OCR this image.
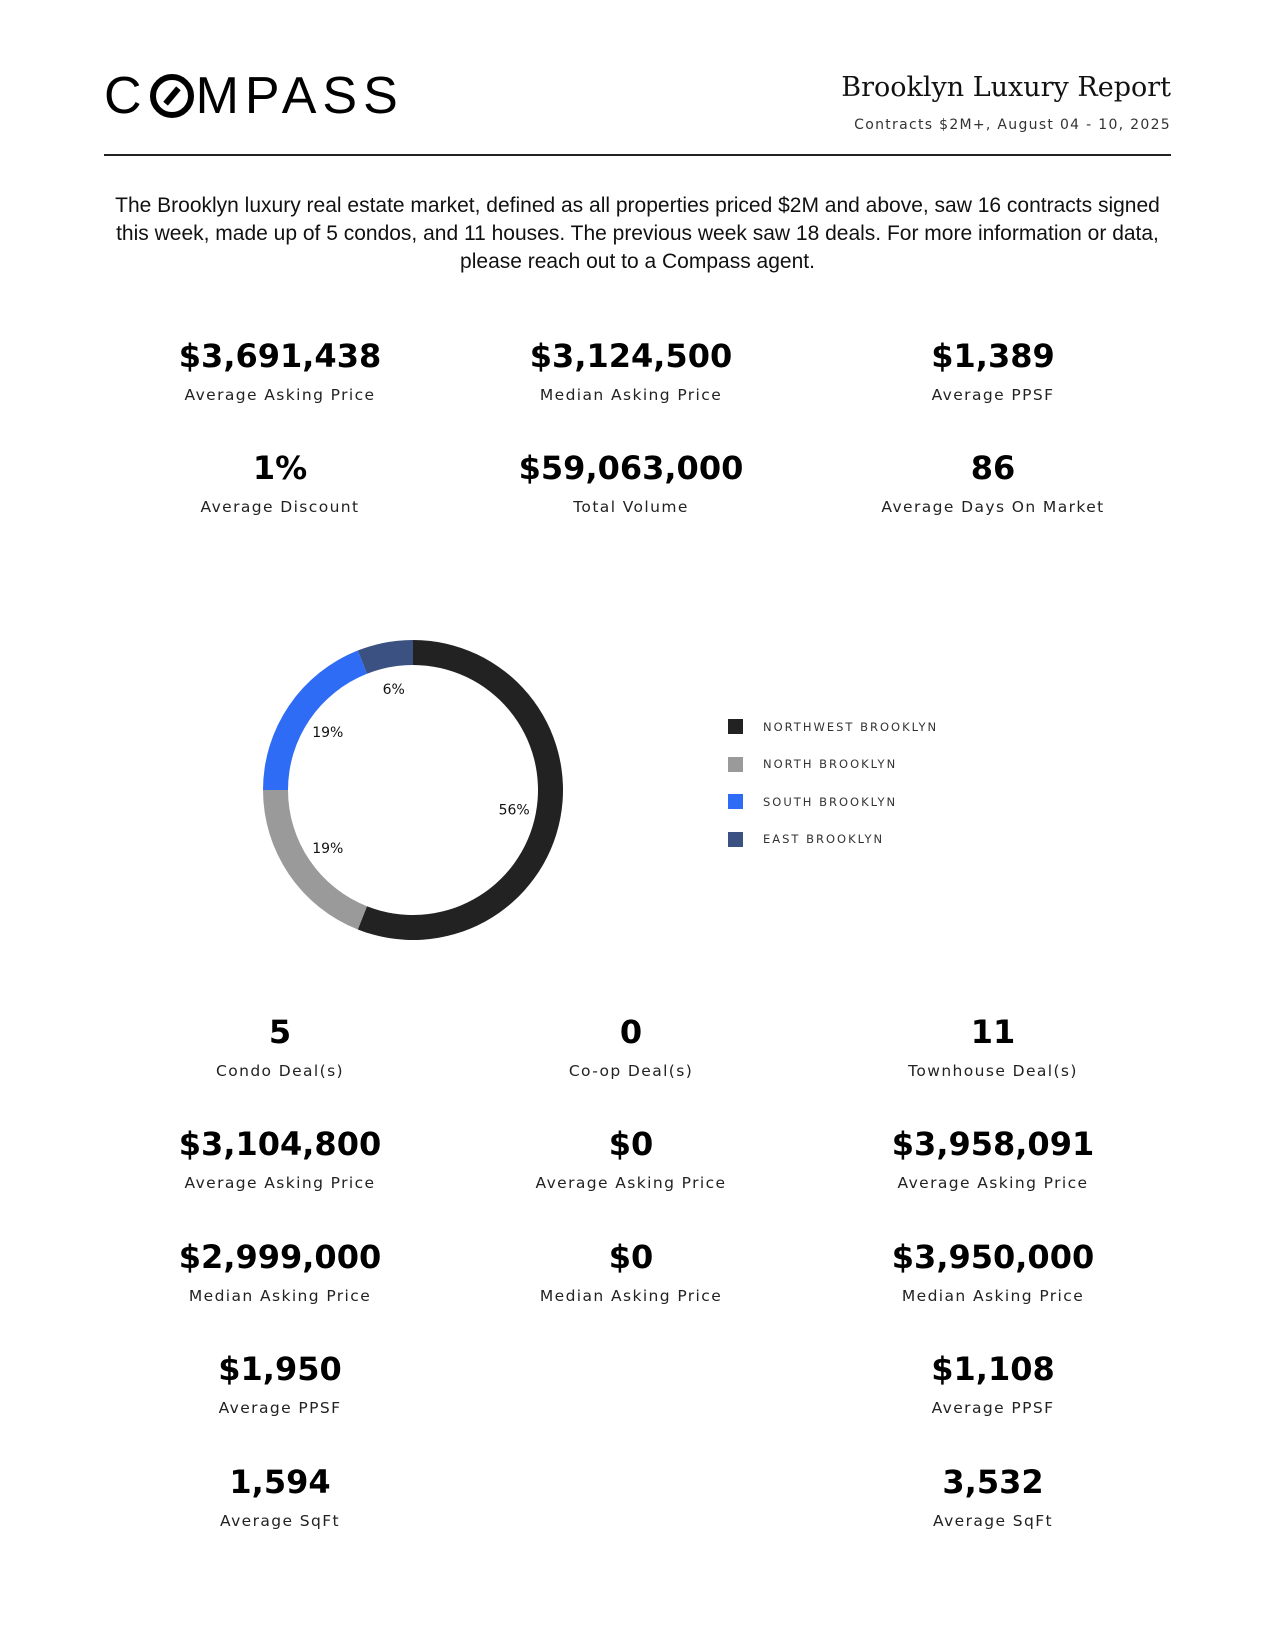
C MPASS	Brooklyn Luxury Report
Contracts $2M+, August 04 - 10, 2025
The Brooklyn luxury real estate market, defined as all properties priced $2M and above, saw 16 contracts signed this week, made up of 5 condos, and 11 houses. The previous week saw 18 deals. For more information or data, please reach out to a Compass agent.
$3,691,438
Average Asking Price
$3,124,500
Median Asking Price
$1,389
Average PPSF
1%
Average Discount
$59,063,000
Total Volume
86
Average Days On Market
56%
19%
19%
6%
NORTHWEST BROOKLYN
NORTH BROOKLYN
SOUTH BROOKLYN
EAST BROOKLYN
5
Condo Deal(s)
$3,104,800
Average Asking Price
$2,999,000
Median Asking Price
$1,950
Average PPSF
1,594
Average SqFt
0
Co-op Deal(s)
$0
Average Asking Price
$0
Median Asking Price
11
Townhouse Deal(s)
$3,958,091
Average Asking Price
$3,950,000
Median Asking Price
$1,108
Average PPSF
3,532
Average SqFt
